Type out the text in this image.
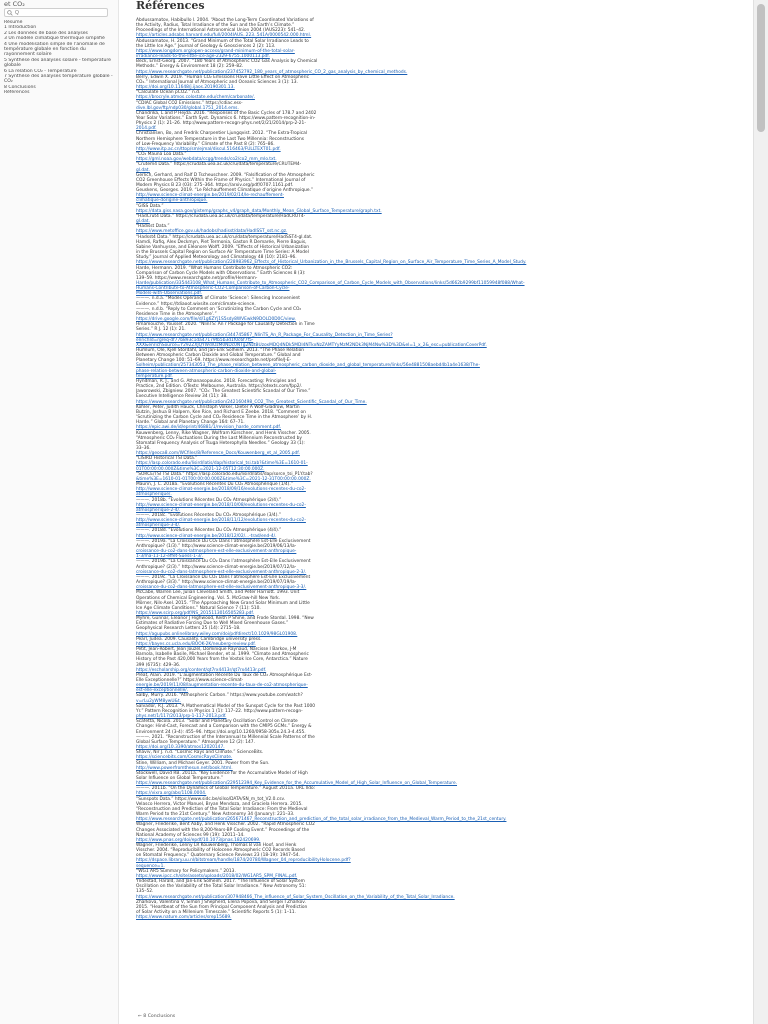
et CO₂
Q
Résumé
1 Introduction
2 Les données de base des analyses
3 Un modèle climatique thermique simplifié
4 Une modélisation simple de l'anomalie de température globale en fonction du rayonnement solaire
5 Synthèse des analyses solaire - température globale
6 La relation CO₂ - Température
7 Synthèse des analyses température globale - CO₂
8 Conclusions
Références
Références
Abdussamatov, Habibullo I. 2004. “About the Long-Term Coordinated Variations of
the Activity, Radius, Total Irradiance of the Sun and the Earth’s Climate.”
Proceedings of the International Astronomical Union 2004 (IAUS223): 541–42.
https://articles.adsabs.harvard.edu/full/2004IAUS..223..541A/0000542.000.html.
Abdussamatov, H. 2013. “Grand Minimum of the Total Solar Irradiance Leads to
the Little Ice Age.” Journal of Geology & Geosciences 2 (2): 113.
https://www.longdom.org/open-access/grand-minimum-of-the-total-solar-
irradiance-leads-to-the-little-ice-age-2329-6755.1000113.pdf.
Beck, Ernst-Georg. 2007. “180 Years of Atmospheric CO2 Gas Analysis by Chemical
Methods.” Energy & Environment 18 (2): 259–82.
https://www.researchgate.net/publication/237452792_180_years_of_atmospheric_CO_2_gas_analysis_by_chemical_methods.
Berry, Edwin X. 2019. “Human CO₂ Emissions Have Little Effect on Atmospheric
CO₂.” International Journal of Atmospheric and Oceanic Sciences 3 (1): 13.
https://doi.org/10.11648/j.ijaos.20190301.13.
“Calculate Ocean pCO2.” n.d.
https://brocryle.atmos.colostate.edu/chem/carbonate/.
“CDIAC Global CO2 Emissions.” https://cdiac.ess-
dive.lbl.gov/ftp/ndp030/global.1751_2014.ems.
Chandrika, L and P Hejda. 2016. “Responses of the Basic Cycles of 178.7 and 2402
Year Solar Variations.” Earth Syst. Dynamics 6. https://www.pattern-recognition-in-
Physics 2 (1): 21–26. http://www.pattern-recogn-phys.net/2/21/2014/prp-2-21-
2014.pdf.
Christiansen, Bo, and Fredrik Charpentier Ljungqvist. 2012. “The Extra-Tropical
Northern Hemisphere Temperature in the Last Two Millennia: Reconstructions
of Low-Frequency Variability.” Climate of the Past 8 (2): 765–86.
http://www.itp.ac.cn/ttop/sm/ejmal/discul.516463/FULLTEXT01.pdf.
“CO₂ Mauna Loa Data.”
https://gml.noaa.gov/webdata/ccgg/trends/co2/co2_mm_mlo.txt.
“Crutem4 Data.” https://crudata.uea.ac.uk/cru/data/temperature/CRUTEM4-
gl.dat.
Gerlich, Gerhard, and Ralf D Tscheuschner. 2009. “Falsification of the Atmospheric
CO2 Greenhouse Effects Within the Frame of Physics.” International Journal of
Modern Physics B 23 (03): 275–364. https://arxiv.org/pdf/0707.1161.pdf.
Geuskens, Georges. 2019. “Le Réchauffement Climatique d’origine Anthropique.”
http://www.science-climat-energie.be/2019/02/14/le-rechauffement-
climatique-dorigine-anthropique.
“GISS Data.”
https://data.giss.nasa.gov/gistemp/graphs_v4/graph_data/Monthly_Mean_Global_Surface_Temperature/graph.txt.
“HadCrut4 Data.” https://crudata.uea.ac.uk/cru/data/temperature/HadCRUT4-
gl.dat.
“Hadisst Data.”
https://www.metoffice.gov.uk/hadobs/hadisst/data/HadISST_sst.nc.gz.
“Hadsst4 Data.” https://crudata.uea.ac.uk/cru/data/temperature/HadSST4-gl.dat.
Hamdi, Rafiq, Alex Deckmyn, Piet Termonia, Gaston R Demarée, Pierre Baguis,
Sabine Vanhuysse, and Eléonore Wolff. 2009. “Effects of Historical Urbanization
in the Brussels Capital Region on Surface Air Temperature Time Series: A Model
Study.” Journal of Applied Meteorology and Climatology 48 (10): 2181–96.
https://www.researchgate.net/publication/228983962_Effects_of_Historical_Urbanization_in_the_Brussels_Capital_Region_on_Surface_Air_Temperature_Time_Series_A_Model_Study.
Harde, Hermann. 2019. “What Humans Contribute to Atmospheric CO2:
Comparison of Carbon Cycle Models with Observations.” Earth Sciences 8 (3):
139–59. https://www.researchgate.net/profile/Hermann-
Harde/publication/335443108_What_Humans_Contribute_to_Atmospheric_CO2_Comparison_of_Carbon_Cycle_Models_with_Observations/links/5d662b9299bf11059948f088/What-
Humans-Contribute-to-Atmospheric-CO2-Comparison-of-Carbon-Cycle-
Models-with-Observations.pdf.
———. n.d.a. “Modès Opérandi of Climate ‘Science’: Silencing Inconvenient
Evidence.” https://tdiaoot.wixsite.com/climate-science.
———. n.d.b. “Reply to Comment on ‘Scrutinizing the Carbon Cycle and CO₂
Residence Time in the Atmosphere’.”
https://drive.google.com/file/d/1g6ZYj1S5sdy8WVEwkN9DOLD0D0C/view.
Hmamouche, Youssef. 2020. “NlinTS: An r Package for Causality Detection in Time
Series.” R J. 12 (1): 21.
https://www.researchgate.net/publication/344745867_NlinTS_An_R_Package_For_Causality_Detection_in_Time_Series?
enrichId=rgreq-df77b893c1da47179fb5b3d1f0c6f7f5-
XXX&enrichSource=Y292ZXJQYWdlOzM0NDc0NTg2NztBUzoxMDQ4NDk5MDI4NTkxNzZAMTYyMzM2NDk3NjM4Nw%3D%3D&el=1_x_2&_esc=publicationCoverPdf.
Humlum, Ole, Kjell Stordahl, and Jan-Erik Solheim. 2013. “The Phase Relation
Between Atmospheric Carbon Dioxide and Global Temperature.” Global and
Planetary Change 100: 51–69. https://www.researchgate.net/profile/J-E-
Solheim/publication/257343053_The_phase_relation_between_atmospheric_carbon_dioxide_and_global_temperature/links/56e4881508aebd4b1a4e1638/The-
phase-relation-between-atmospheric-carbon-dioxide-and-global-
temperature.pdf.
Hyndman, R. J., and G. Athanasopoulos. 2018. Forecasting: Principles and
Practice, 2nd Edition. OTexts: Melbourne, Australia. https://otexts.com/fpp2/.
Jaworowski, Zbigniew. 2007. “CO₂: The Greatest Scientific Scandal of Our Time.”
Executive Intelligence Review 34 (11): 38.
https://www.researchgate.net/publication/242160498_CO2_The_Greatest_Scientific_Scandal_of_Our_Time.
Köhler, Peter, Judith Hauck, Christoph Völker, Dieter A Wolf-Gladrow, Martin
Butzin, Joshua B Halpern, Ken Rice, and Richard E Zeebe. 2018. “Comment on
‘Scrutinizing the Carbon Cycle and CO₂ Residence Time in the Atmosphere’ by H.
Harde.” Global and Planetary Change 164: 67–71.
https://epic.awi.de/id/eprint/46881/1/revision_harde_comment.pdf.
Kouwenberg, Lenny, Rike Wagner, Wolfram Kürschner, and Henk Visscher. 2005.
“Atmospheric CO₂ Fluctuations During the Last Millennium Reconstructed by
Stomatal Frequency Analysis of Tsuga Heterophylla Needles.” Geology 33 (1):
33–36.
https://geoca8.com/WCfiles/8/Reference_Docs/Kouwenberg_et_al_2005.pdf.
“LISIRD Historical TSI Data.”
https://lasp.colorado.edu/lisird/latis/dap/historical_tsi.tab?&time%3E=1610-01-
01T00:00:00.000Z&time%3C=2021-12-05T12:30:00.000Z.
“SORCE/TSI TSI Data.” https://lasp.colorado.edu/lisird/latis/dap/sorce_tsi_P1Y.tab?
&time%3E=1610-01-01T00:00:00.000Z&time%3C=2021-12-31T00:00:00.000Z.
Maurin, J. C. 2018a. “Evolutions Récentes Du CO₂ Atmosphérique (1/4).”
http://www.science-climat-energie.be/2018/09/16/evolutions-recentes-du-co2-
atmospherique/.
———. 2018b. “Evolutions Récentes Du CO₂ Atmosphérique (2/4).”
http://www.science-climat-energie.be/2018/10/08/evolutions-recentes-du-co2-
atmospherique-2-4/.
———. 2018c. “Evolutions Récentes Du CO₂ Atmosphérique (3/4).”
http://www.science-climat-energie.be/2018/11/12/evolutions-recentes-du-co2-
atmospherique-3-4/.
———. 2018d. “Evolutions Récentes Du CO₂ Atmosphérique (4/4).”
http://www.science-climat-energie.be/2018/12/02/...-trad/end-4/.
———. 2019a. “La Croissance Du CO₂ Dans l’atmosphère Est-Elle Exclusivement
Anthropique? (1/3).” http://www.science-climat-energie.be/2019/06/13/la-
croissance-du-co2-dans-latmosphere-est-elle-exclusivement-anthropique-
1-3/ma-11-12-effet-Suess-1-3/.
———. 2019b. “La Croissance Du CO₂ Dans l’atmosphère Est-Elle Exclusivement
Anthropique? (2/3).” http://www.science-climat-energie.be/2019/07/12/la-
croissance-du-co2-dans-latmosphere-est-elle-exclusivement-anthropique-2-3/.
———. 2019c. “La Croissance Du CO₂ Dans l’atmosphère Est-Elle Exclusivement
Anthropique? (3/3).” http://www.science-climat-energie.be/2019/07/19/la-
croissance-du-co2-dans-latmosphere-est-elle-exclusivement-anthropique-3-3/.
McCabe, Warren Lee, Julian Cleveland Smith, and Peter Harriott. 1993. Unit
Operations of Chemical Engineering. Vol. 5. McGraw-hill New York.
Mörner, Nils-Axel. 2015. “The Approaching New Grand Solar Minimum and Little
Ice Age Climate Conditions.” Natural Science 7 (11): 510.
https://www.scirp.org/pdf/NS_2015113016505283.pdf.
Myhre, Gunnar, Eleanor J Highwood, Keith P Shine, and Frode Stordal. 1998. “New
Estimates of Radiative Forcing Due to Well Mixed Greenhouse Gases.”
Geophysical Research Letters 25 (14): 2715–18.
https://agupubs.onlinelibrary.wiley.com/doi/pdfdirect/10.1029/98GL01908.
Pearl, Judea. 2009. Causality. Cambridge university press.
https://bayes.cs.ucla.edu/BOOK-2K/neuberg-review.pdf.
Petit, Jean-Robert, Jean Jouzel, Dominique Raynaud, Narcisse I Barkov, J-M
Barnola, Isabelle Basile, Michael Bender, et al. 1999. “Climate and Atmospheric
History of the Past 420,000 Years from the Vostok Ice Core, Antarctica.” Nature
399 (6735): 429–36.
https://escholarship.org/content/qt7rx4413r/qt7rx4413r.pdf.
Préat, Alain. 2019. “L’augmentation Récente Du Taux de CO₂ Atmosphérique Est-
Elle Exceptionnelle?” https://www.science-climat-
energie.be/2019/11/08/laugmentation-recente-du-taux-de-co2-atmospherique-
est-elle-exceptionnelle/.
Salby, Murry. 2016. “Atmospheric Carbon.” https://www.youtube.com/watch?
v=rLu2yWM8ywU&t.
Salvador, R.J. 2013. “A Mathematical Model of the Sunspot Cycle for the Past 1000
Yr.” Pattern Recognition in Physics 1 (1): 117–22. http://www.pattern-recogn-
phys.net/1/117/2013/prp-1-117-2013.pdf.
Scafetta, Nicola. 2013. “Solar and Planetary Oscillation Control on Climate
Change: Hind-Cast, Forecast and a Comparison with the CMIP5 GCMs.” Energy &
Environment 24 (3-4): 455–96. https://doi.org/10.1260/0958-305x.24.3-4.455.
———. 2021. “Reconstruction of the Interannual to Millennial Scale Patterns of the
Global Surface Temperature.” Atmosphere 12 (2): 147.
https://doi.org/10.3390/atmos12020147.
Shaviv, Nir J. n.d. “Cosmic Rays and Climate.” ScienceBits.
https://sciencebits.com/CosmicRaysClimate.
Stine, William, and Michael Geyer. 2001. Power from the Sun.
http://www.powerfromthesun.net/book.html.
Stockwell, David RB. 2011a. “Key Evidence for the Accumulative Model of High
Solar Influence on Global Temperature.”
https://www.researchgate.net/publication/229512394_Key_Evidence_for_the_Accumulative_Model_of_High_Solar_Influence_on_Global_Temperature.
———. 2011b. “On the Dynamics of Global Temperature.” August 2011a. URL Ildo:
https://vixra.org/abs/1108.0004.
“Sunspots Data.” https://www.sidc.be/silso/DATA/SN_m_tot_V2.0.csv.
Velasco Herrera, Victor Manuel, Bryan Mendoza, and Graciela Herrera. 2015.
“Reconstruction and Prediction of the Total Solar Irradiance: From the Medieval
Warm Period to the 21st Century.” New Astronomy 34 (January): 221–33.
https://www.researchgate.net/publication/265671467_Reconstruction_and_prediction_of_the_total_solar_irradiance_from_the_Medieval_Warm_Period_to_the_21st_century.
Wagner, Friederike, Bent Aaby, and Henk Visscher. 2002. “Rapid Atmospheric CO2
Changes Associated with the 8,200-Years-BP Cooling Event.” Proceedings of the
National Academy of Sciences 99 (19): 12011–14.
https://www.pnas.org/doi/epdf/10.1073/pnas.182420699.
Wagner, Friederike, Lenny LR Kouwenberg, Thomas B van Hoof, and Henk
Visscher. 2004. “Reproducibility of Holocene Atmospheric CO2 Records Based
on Stomatal Frequency.” Quaternary Science Reviews 23 (18-19): 1947–54.
https://dspace.library.uu.nl/bitstream/handle/1874/20780/Wagner_04_reproducibilityHolocene.pdf?
sequence=1.
“WG1 AR5 Summary for Policymakers.” 2013.
https://www.ipcc.ch/site/assets/uploads/2018/02/WG1AR5_SPM_FINAL.pdf.
Yndestad, Harald, and Jan-Erik Solheim. 2017. “The Influence of Solar System
Oscillation on the Variability of the Total Solar Irradiance.” New Astronomy 51:
135–52.
https://www.researchgate.net/publication/307948466_The_influence_of_Solar_System_Oscillation_on_the_Variability_of_the_Total_Solar_Irradiance.
Zharkova, Valentina V, Simon J Shepherd, Elena Popova, and Sergei I Zharkov.
2015. “Heartbeat of the Sun from Principal Component Analysis and Prediction
of Solar Activity on a Millenium Timescale.” Scientific Reports 5 (1): 1–11.
https://www.nature.com/articles/srep15689.
← 8 Conclusions
